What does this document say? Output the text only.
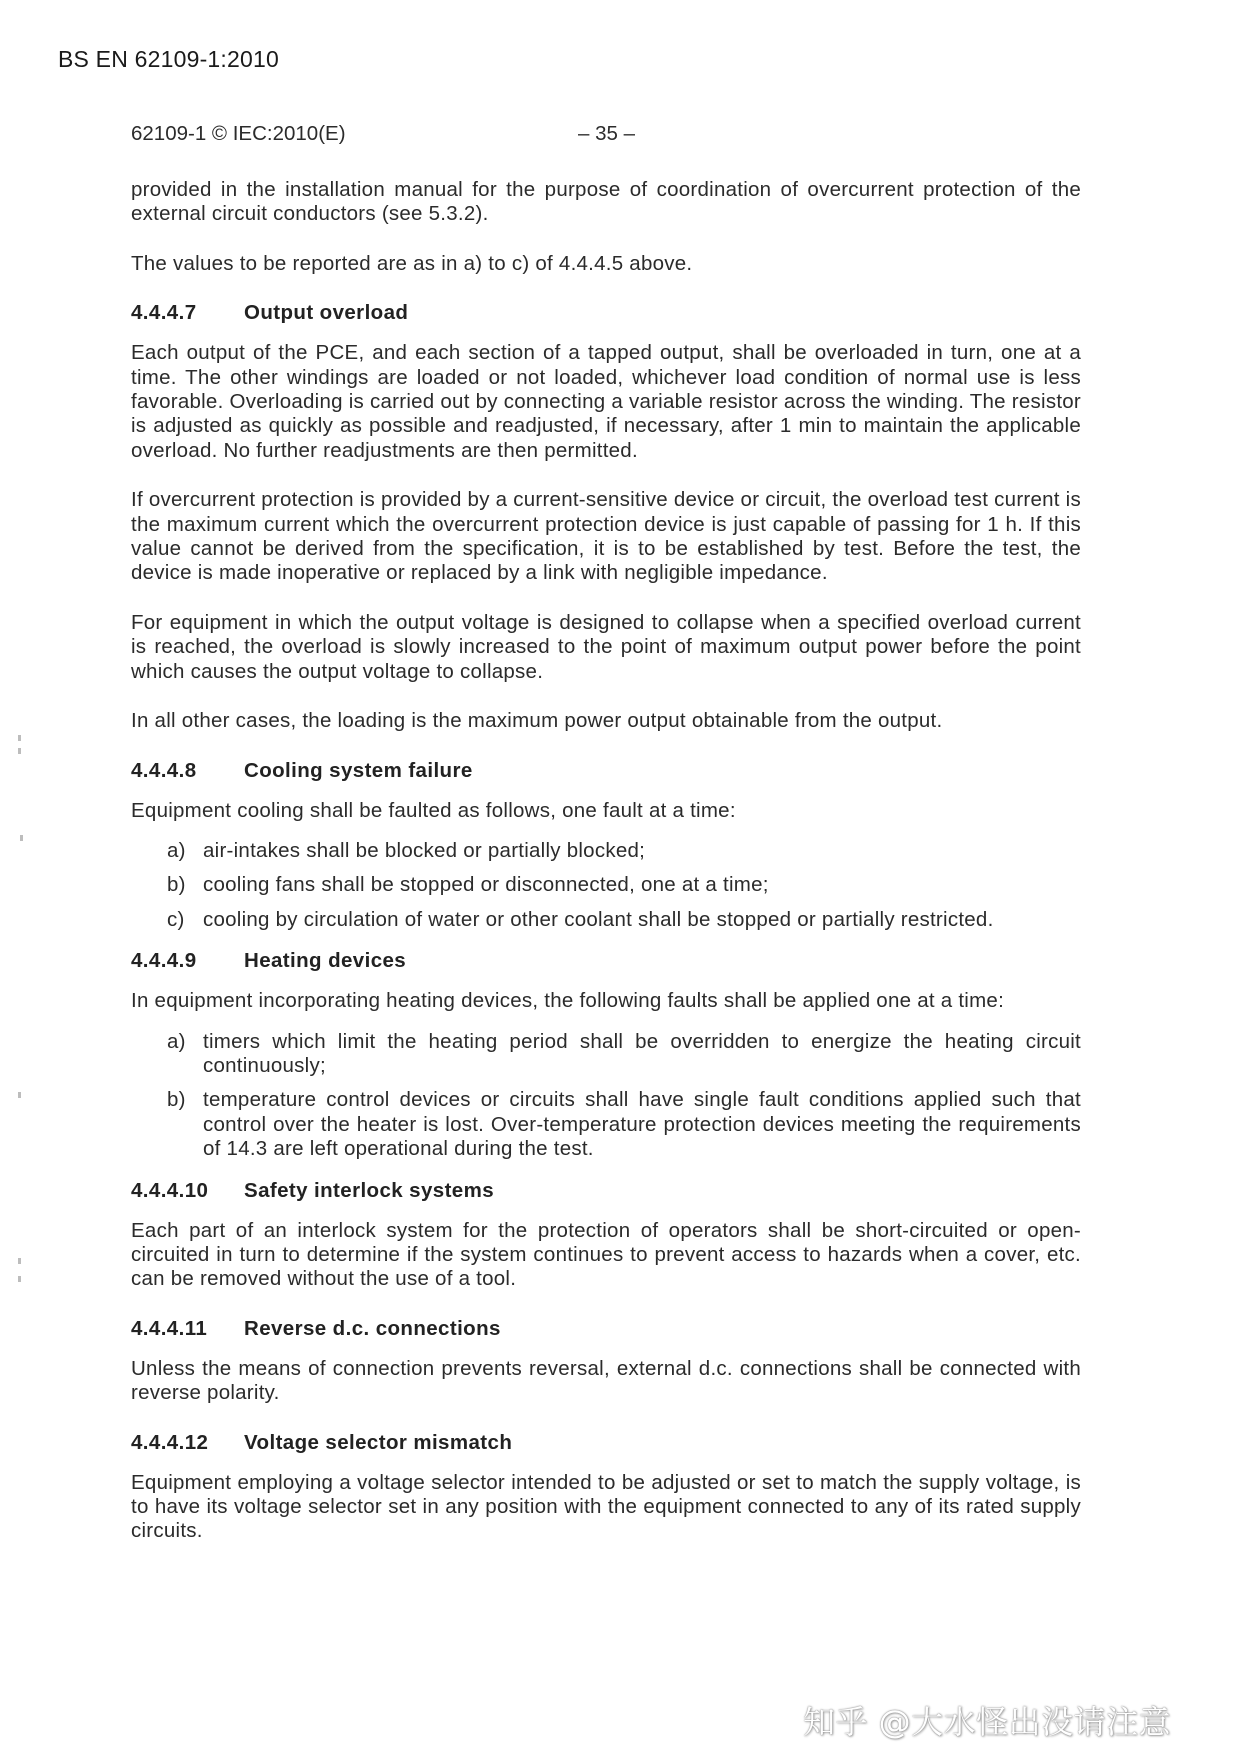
BS EN 62109-1:2010
62109-1 © IEC:2010(E)	– 35 –

provided in the installation manual for the purpose of coordination of overcurrent protection of the external circuit conductors (see 5.3.2).

The values to be reported are as in a) to c) of 4.4.4.5 above.

4.4.4.7	Output overload

Each output of the PCE, and each section of a tapped output, shall be overloaded in turn, one at a time. The other windings are loaded or not loaded, whichever load condition of normal use is less favorable. Overloading is carried out by connecting a variable resistor across the winding. The resistor is adjusted as quickly as possible and readjusted, if necessary, after 1 min to maintain the applicable overload. No further readjustments are then permitted.

If overcurrent protection is provided by a current-sensitive device or circuit, the overload test current is the maximum current which the overcurrent protection device is just capable of passing for 1 h. If this value cannot be derived from the specification, it is to be established by test. Before the test, the device is made inoperative or replaced by a link with negligible impedance.

For equipment in which the output voltage is designed to collapse when a specified overload current is reached, the overload is slowly increased to the point of maximum output power before the point which causes the output voltage to collapse.

In all other cases, the loading is the maximum power output obtainable from the output.

4.4.4.8	Cooling system failure

Equipment cooling shall be faulted as follows, one fault at a time:

a) air-intakes shall be blocked or partially blocked;
b) cooling fans shall be stopped or disconnected, one at a time;
c) cooling by circulation of water or other coolant shall be stopped or partially restricted.
4.4.4.9	Heating devices

In equipment incorporating heating devices, the following faults shall be applied one at a time:

a) timers which limit the heating period shall be overridden to energize the heating circuit continuously;
b) temperature control devices or circuits shall have single fault conditions applied such that control over the heater is lost. Over-temperature protection devices meeting the requirements of 14.3 are left operational during the test.
4.4.4.10	Safety interlock systems

Each part of an interlock system for the protection of operators shall be short-circuited or open-circuited in turn to determine if the system continues to prevent access to hazards when a cover, etc. can be removed without the use of a tool.

4.4.4.11	Reverse d.c. connections

Unless the means of connection prevents reversal, external d.c. connections shall be connected with reverse polarity.

4.4.4.12	Voltage selector mismatch

Equipment employing a voltage selector intended to be adjusted or set to match the supply voltage, is to have its voltage selector set in any position with the equipment connected to any of its rated supply circuits.

知乎 @大水怪出没请注意
